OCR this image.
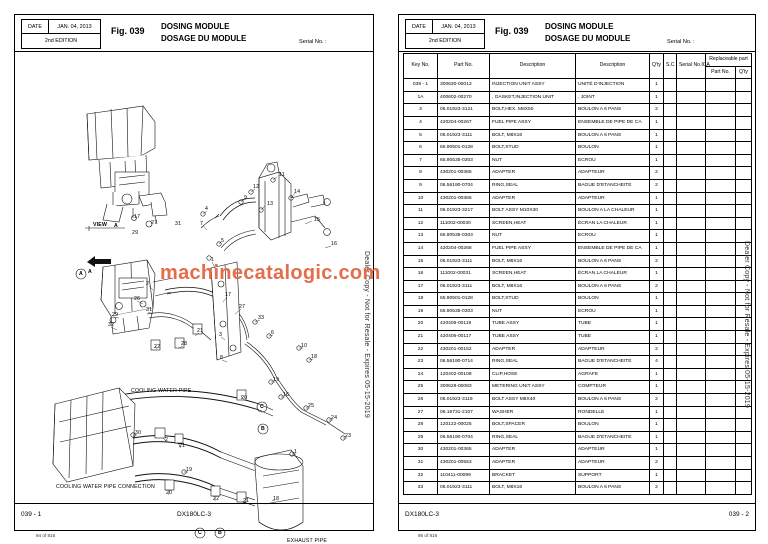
DATE	JAN. 04, 2013
2nd EDITION
Fig. 039 DOSING MODULE
DOSAGE DU MODULE	Serial No. :
VIEW A
A
COOLING WATER PIPE
COOLING WATER PIPE CONNECTION
EXHAUST PIPE
11
12
14
9
13
4
15
7
17
27	31
29
5	16
1
17
27
2
26
31
29
32
21
28
22
3
33
6
10
18
8
19
16
20
25
24
23
30
2
21
1
19
20
22	21	18
A
C
B
C	B
Dealer Copy - Not for Resale - Expires 05-15-2019
039 - 1	DX180LC-3
94 of 816
machinecatalogic.com
DATE	JAN. 04, 2013
2nd EDITION
Fig. 039 DOSING MODULE
DOSAGE DU MODULE	Serial No. :
Key No.	Part No.	Description	Description	Q'ty	S.C	Serial No.ICA	Replaceable part	
							Part No.	Q'ty
039 - 1	300630-00013	INJECTION UNIT ASSY	UNITÉ D'INJECTION	1				
1A	400602-00270	, GASKET,INJECTION UNIT	, JOINT	1				
3	06.01923-3121	BOLT,HEX. M8X50	BOULON A 6 PANS	2				
4	420204-00267	FUEL PIPE ASSY	ENSEMBLE DE PIPE DE CA	1				
5	06.01923-3111	BOLT, M8X16	BOULON A 6 PANS	1				
6	65.90501-0128	BOLT,STUD	BOULON	1				
7	65.90535-0303	NUT	ECROU	1				
8	430201-00365	ADAPTER	ADAPTEUR	2				
9	06.56190-0704	RING,SEAL	BAGUE D'ETANCHEITE	2				
10	430201-00366	ADAPTER	ADAPTEUR	1				
11	06.01923-3217	BOLT ASSY M10X30	BOULON A LA CHALEUR	1				
12	111002-00030	SCREEN,HEAT	ÉCRAN LA CHALEUR	1				
13	65.90535-0303	NUT	ECROU	1				
14	420204-00268	FUEL PIPE ASSY	ENSEMBLE DE PIPE DE CA	1				
15	06.01923-3111	BOLT, M8X16	BOULON A 6 PANS	2				
16	111002-00031	SCREEN,HEAT	ÉCRAN LA CHALEUR	1				
17	06.01923-3111	BOLT, M8X16	BOULON A 6 PANS	2				
18	65.90501-0128	BOLT,STUD	BOULON	1				
19	65.90535-0303	NUT	ECROU	1				
20	420406-00119	TUBE ASSY	TUBE	1				
21	420406-00117	TUBE ASSY	TUBE	1				
22	430201-00152	ADAPTER	ADAPTEUR	2				
23	06.56190-0714	RING,SEAL	BAGUE D'ETANCHEITE	4				
24	120402-00108	CLIP,HOSE	AGRAFE	1				
25	300628-00083	METERING UNIT ASSY	COMPTEUR	1				
26	06.01923-3119	BOLT ASSY M8X40	BOULON A 6 PANS	2				
27	06.16731-2107	WASHER	RONDELLE	1				
28	120122-00025	BOLT,SPACER	BOULON	1				
29	06.56190-0704	RING,SEAL	BAGUE D'ETANCHEITE	1				
30	430201-00365	ADAPTER	ADAPTEUR	1				
31	430201-00553	ADAPTER	ADAPTEUR	2				
32	110411-00099	BRACKET	SUPPORT	1				
33	06.01923-3111	BOLT, M8X16	BOULON A 6 PANS	2				
Dealer Copy - Not for Resale - Expires 05-15-2019
DX180LC-3	039 - 2
95 of 816
